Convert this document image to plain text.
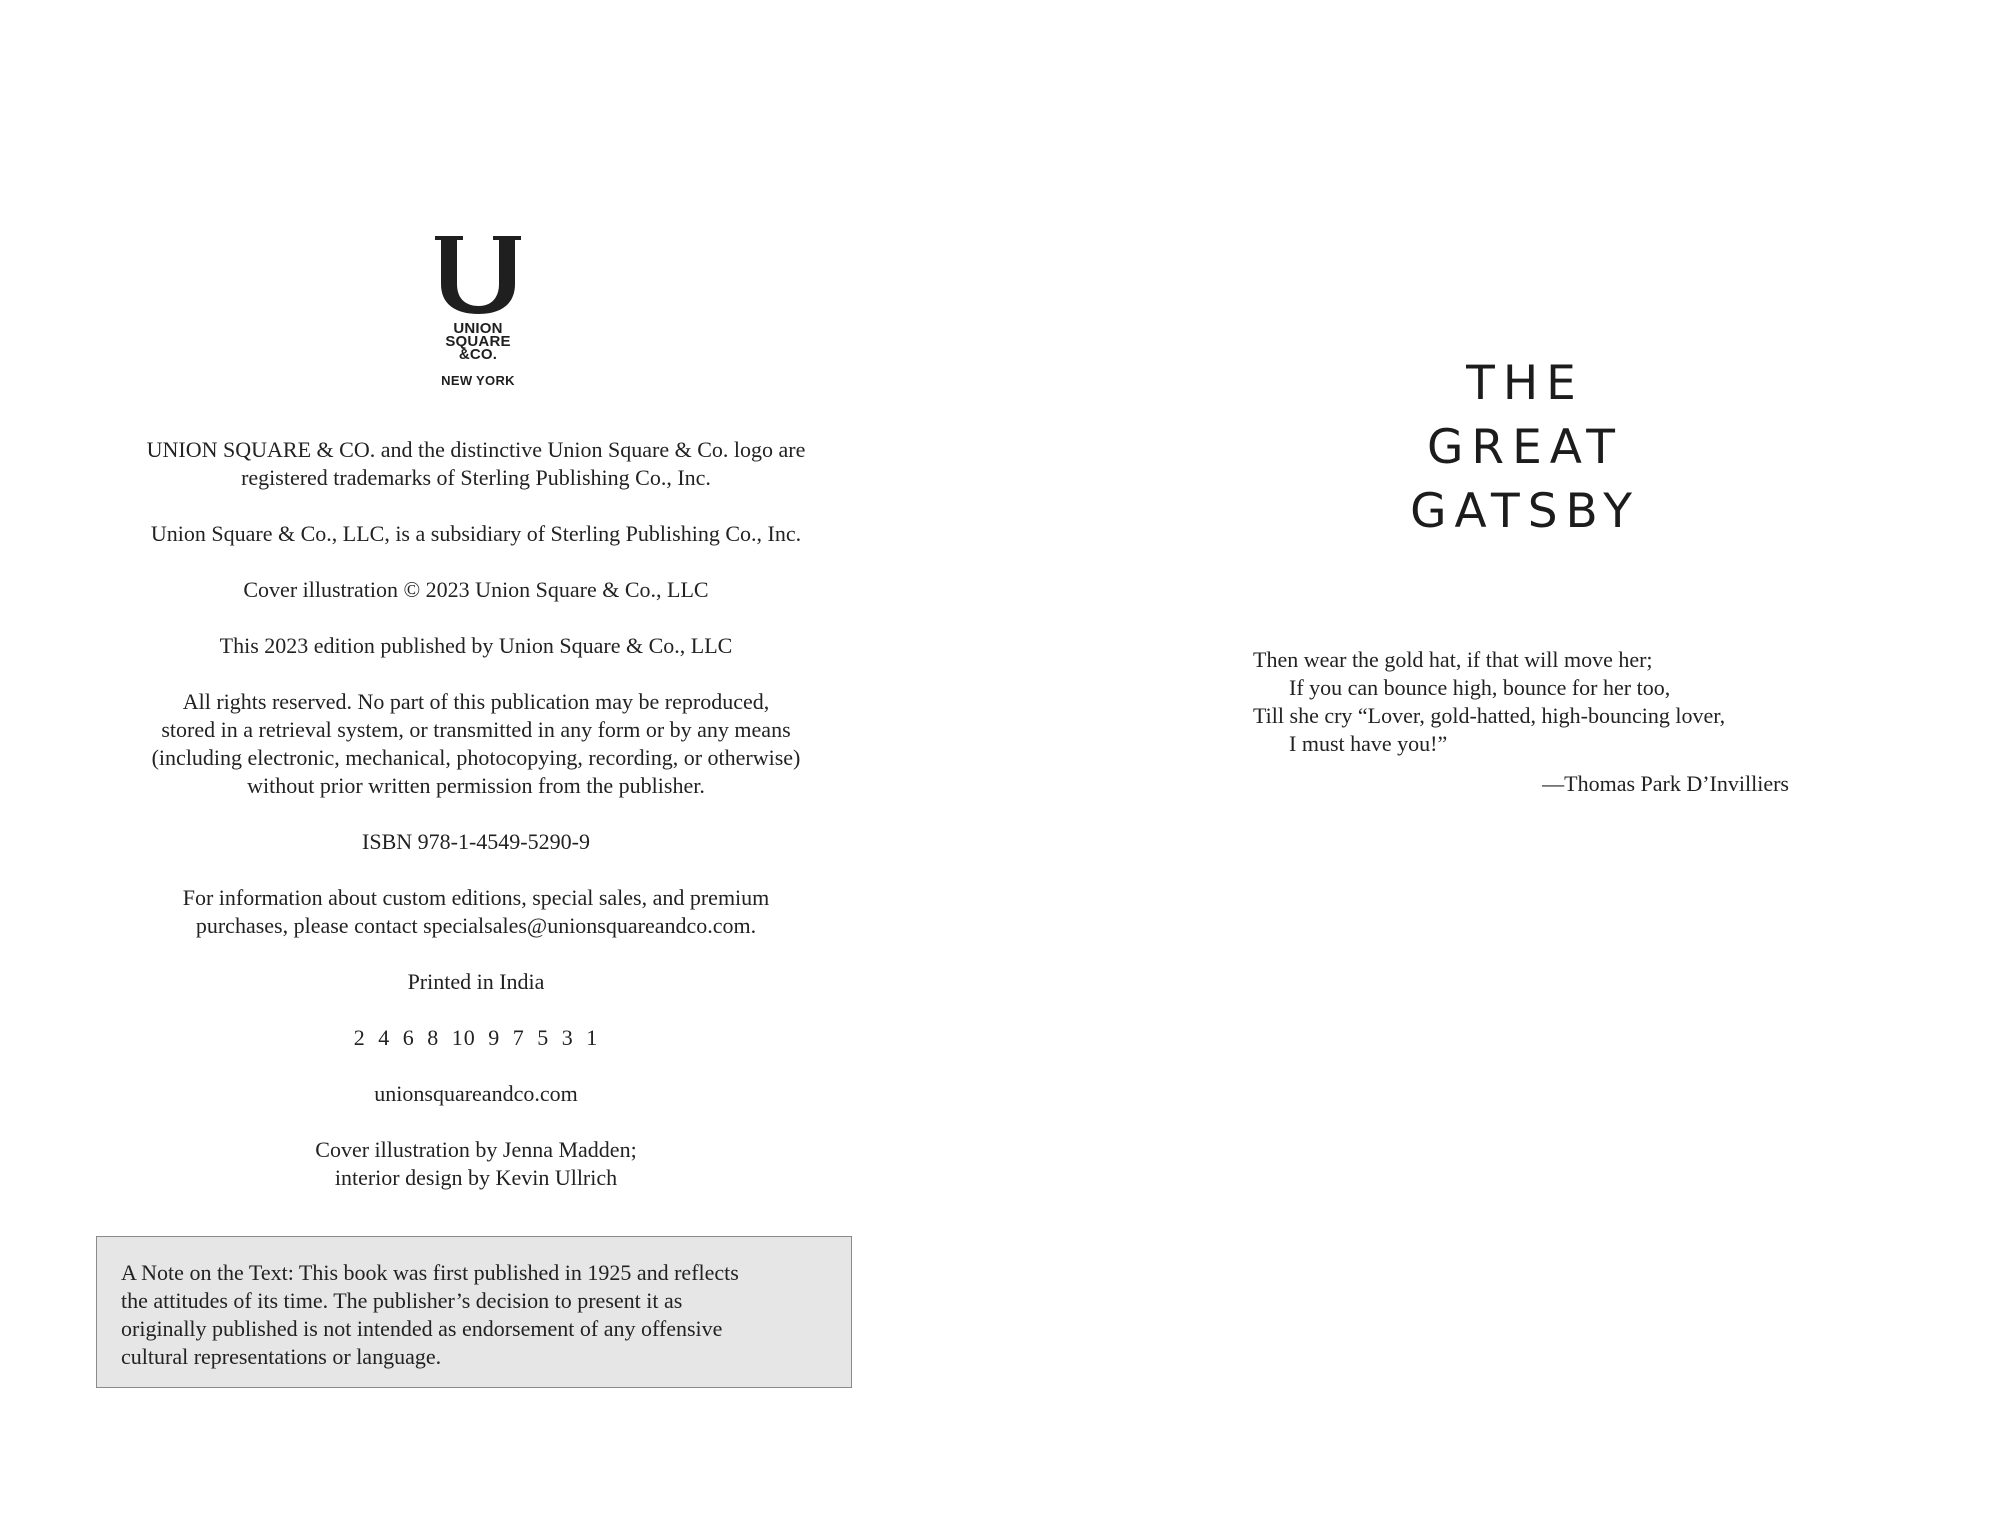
UNION
SQUARE
&CO.
NEW YORK

UNION SQUARE & CO. and the distinctive Union Square & Co. logo are
registered trademarks of Sterling Publishing Co., Inc.

Union Square & Co., LLC, is a subsidiary of Sterling Publishing Co., Inc.

Cover illustration © 2023 Union Square & Co., LLC

This 2023 edition published by Union Square & Co., LLC

All rights reserved. No part of this publication may be reproduced,
stored in a retrieval system, or transmitted in any form or by any means
(including electronic, mechanical, photocopying, recording, or otherwise)
without prior written permission from the publisher.

ISBN 978-1-4549-5290-9

For information about custom editions, special sales, and premium
purchases, please contact specialsales@unionsquareandco.com.

Printed in India

2 4 6 8 10 9 7 5 3 1

unionsquareandco.com

Cover illustration by Jenna Madden;
interior design by Kevin Ullrich

A Note on the Text: This book was first published in 1925 and reflects
the attitudes of its time. The publisher’s decision to present it as
originally published is not intended as endorsement of any offensive
cultural representations or language.
THE
GREAT
GATSBY
Then wear the gold hat, if that will move her;
If you can bounce high, bounce for her too,
Till she cry “Lover, gold-hatted, high-bouncing lover,
I must have you!”
—Thomas Park D’Invilliers
